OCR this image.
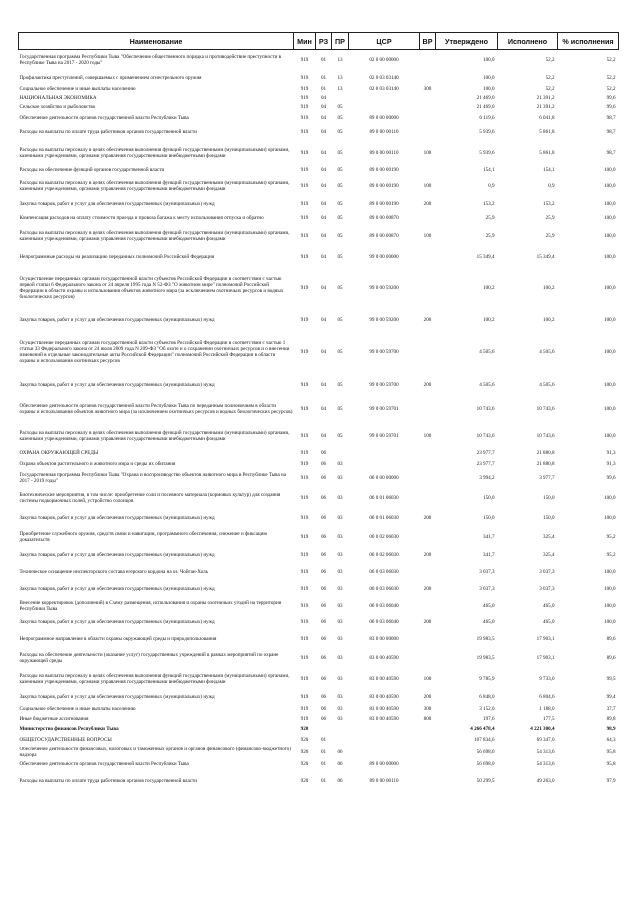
Наименование	Мин	РЗ	ПР	ЦСР	ВР	Утверждено	Исполнено	% исполнения
Государственная программа Республики Тыва "Обеспечение общественного порядка и противодействие преступности в Республике Тыва на 2017 - 2020 годы"	919	01	13	02 0 00 00000		100,0	52,2	52,2
Профилактика преступлений, совершаемых с применением огнестрельного оружия	919	01	13	02 0 03 03140		100,0	52,2	52,2
Социальное обеспечение и иные выплаты населению	919	01	13	02 0 03 03140	300	100,0	52,2	52,2
НАЦИОНАЛЬНАЯ ЭКОНОМИКА	919	04				21 469,0	21 391,2	99,6
Сельское хозяйство и рыболовство	919	04	05			21 469,0	21 391,2	99,6
Обеспечение деятельности органов государственной власти Республики Тыва	919	04	05	89 0 00 00000		6 119,6	6 041,8	98,7
Расходы на выплаты по оплате труда работников органов государственной власти	919	04	05	89 0 00 00110		5 939,6	5 861,8	98,7
Расходы на выплаты персоналу в целях обеспечения выполнения функций государственными (муниципальными) органами, казенными учреждениями, органами управления государственными внебюджетными фондами	919	04	05	89 0 00 00110	100	5 939,6	5 861,8	98,7
Расходы на обеспечение функций органов государственной власти	919	04	05	89 0 00 00190		154,1	154,1	100,0
Расходы на выплаты персоналу в целях обеспечения выполнения функций государственными (муниципальными) органами, казенными учреждениями, органами управления государственными внебюджетными фондами	919	04	05	89 0 00 00190	100	0,9	0,9	100,0
Закупка товаров, работ и услуг для обеспечения государственных (муниципальных) нужд	919	04	05	89 0 00 00190	200	153,2	153,2	100,0
Компенсация расходов на оплату стоимости проезда и провоза багажа к месту использования отпуска и обратно	919	04	05	89 0 00 00870		25,9	25,9	100,0
Расходы на выплаты персоналу в целях обеспечения выполнения функций государственными (муниципальными) органами, казенными учреждениями, органами управления государственными внебюджетными фондами	919	04	05	89 0 00 00870	100	25,9	25,9	100,0
Непрограммные расходы на реализацию переданных полномочий Российской Федерации	919	04	05	99 0 00 00000		15 349,4	15 349,4	100,0
Осуществление переданных органам государственной власти субъектов Российской Федерации в соответствии с частью первой статьи 6 Федерального закона от 24 апреля 1995 года N 52-ФЗ "О животном мире" полномочий Российской Федерации в области охраны и использования объектов животного мира (за исключением охотничьих ресурсов и водных биологических ресурсов)	919	04	05	99 0 00 59200		100,2	100,2	100,0
Закупка товаров, работ и услуг для обеспечения государственных (муниципальных) нужд	919	04	05	99 0 00 59200	200	100,2	100,2	100,0
Осуществление переданных органам государственной власти субъектов Российской Федерации в соответствии с частью 1 статьи 33 Федерального закона от 24 июля 2009 года N 209-ФЗ "Об охоте и о сохранении охотничьих ресурсов и о внесении изменений в отдельные законодательные акты Российской Федерации" полномочий Российской Федерации в области охраны и использования охотничьих ресурсов	919	04	05	99 0 00 59700		4 505,6	4 505,6	100,0
Закупка товаров, работ и услуг для обеспечения государственных (муниципальных) нужд	919	04	05	99 0 00 59700	200	4 505,6	4 505,6	100,0
Обеспечение деятельности органов государственной власти Республики Тыва по переданным полномочиям в области охраны и использования объектов животного мира (за исключением охотничьих ресурсов и водных биологических ресурсов)	919	04	05	99 0 00 59701		10 743,6	10 743,6	100,0
Расходы на выплаты персоналу в целях обеспечения выполнения функций государственными (муниципальными) органами, казенными учреждениями, органами управления государственными внебюджетными фондами	919	04	05	99 0 00 59701	100	10 743,6	10 743,6	100,0
ОХРАНА ОКРУЖАЮЩЕЙ СРЕДЫ	919	06				23 977,7	21 880,8	91,3
Охрана объектов растительного и животного мира и среды их обитания	919	06	03			23 977,7	21 880,8	91,3
Государственная программа Республики Тыва "Охрана и воспроизводство объектов животного мира в Республике Тыва на 2017 - 2019 годы"	919	06	03	06 0 00 00000		3 994,2	3 977,7	99,6
Биотехнические мероприятия, в том числе: приобретение соли и посевного материала (кормовых культур) для создания системы подкормочных полей, устройство солонцов	919	06	03	06 0 01 06030		150,0	150,0	100,0
Закупка товаров, работ и услуг для обеспечения государственных (муниципальных) нужд	919	06	03	06 0 01 06030	200	150,0	150,0	100,0
Приобретение служебного оружия, средств связи и навигации, программного обеспечения, снежение и фиксацию доказательств	919	06	03	06 0 02 06030		341,7	325,4	95,2
Закупка товаров, работ и услуг для обеспечения государственных (муниципальных) нужд	919	06	03	06 0 02 06030	200	341,7	325,4	95,2
Техническое оснащение инспекторского состава егерского кордона на оз. Чойган-Холь	919	06	03	06 0 03 06030		3 037,3	3 037,3	100,0
Закупка товаров, работ и услуг для обеспечения государственных (муниципальных) нужд	919	06	03	06 0 03 06030	200	3 037,3	3 037,3	100,0
Внесение корректировок (дополнений) в Схему размещения, использования и охраны охотничьих угодий на территории Республики Тыва	919	06	03	06 0 03 06040		465,0	465,0	100,0
Закупка товаров, работ и услуг для обеспечения государственных (муниципальных) нужд	919	06	03	06 0 03 06040	200	465,0	465,0	100,0
Непрограммное направление в области охраны окружающей среды и природопользования	919	06	03	83 0 00 00000		19 983,5	17 903,1	89,6
Расходы на обеспечение деятельности (оказание услуг) государственных учреждений в рамках мероприятий по охране окружающей среды	919	06	03	83 0 00 40590		19 983,5	17 903,1	89,6
Расходы на выплаты персоналу в целях обеспечения выполнения функций государственными (муниципальными) органами, казенными учреждениями, органами управления государственными внебюджетными фондами	919	06	03	83 0 00 40590	100	9 785,9	9 733,0	99,5
Закупка товаров, работ и услуг для обеспечения государственных (муниципальных) нужд	919	06	03	83 0 00 40590	200	6 848,0	6 804,6	99,4
Социальное обеспечение и иные выплаты населению	919	06	03	83 0 00 40590	300	3 152,0	1 188,0	37,7
Иные бюджетные ассигнования	919	06	03	83 0 00 40590	800	197,6	177,5	89,8
Министерство финансов Республики Тыва	920					4 266 478,4	4 221 300,4	98,9
ОБЩЕГОСУДАРСТВЕННЫЕ ВОПРОСЫ	920	01				107 834,6	69 347,0	64,3
Обеспечение деятельности финансовых, налоговых и таможенных органов и органов финансового (финансово-бюджетного) надзора	920	01	06			56 698,0	54 313,6	95,8
Обеспечение деятельности органов государственной власти Республики Тыва	920	01	06	89 0 00 00000		56 698,0	54 313,6	95,8
Расходы на выплаты по оплате труда работников органов государственной власти	920	01	06	89 0 00 00110		50 299,5	49 263,0	97,9
